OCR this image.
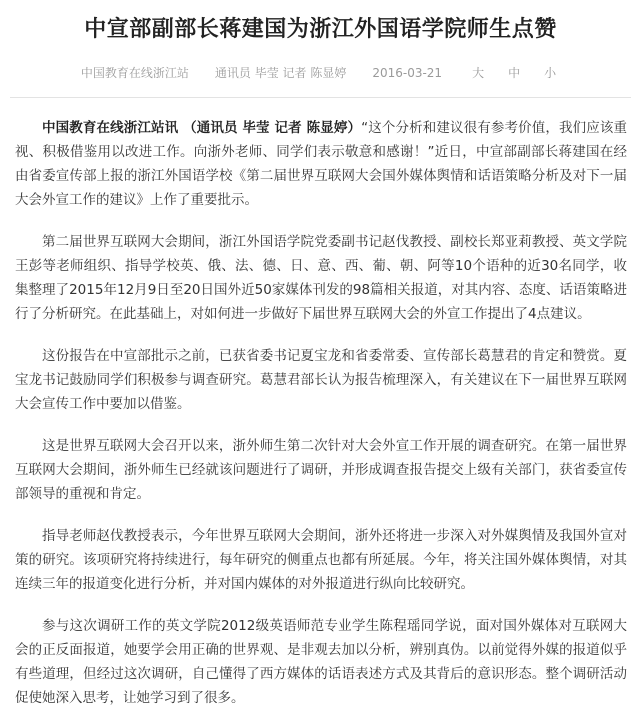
中宣部副部长蒋建国为浙江外国语学院师生点赞
中国教育在线浙江站 通讯员 毕莹 记者 陈显婷 2016-03-21	大 中 小

中国教育在线浙江站讯 （通讯员 毕莹 记者 陈显婷）“这个分析和建议很有参考价值，我们应该重视、积极借鉴用以改进工作。向浙外老师、同学们表示敬意和感谢！”近日，中宣部副部长蒋建国在经由省委宣传部上报的浙江外国语学校《第二届世界互联网大会国外媒体舆情和话语策略分析及对下一届大会外宣工作的建议》上作了重要批示。

第二届世界互联网大会期间，浙江外国语学院党委副书记赵伐教授、副校长郑亚莉教授、英文学院王彭等老师组织、指导学校英、俄、法、德、日、意、西、葡、朝、阿等10个语种的近30名同学，收集整理了2015年12月9日至20日国外近50家媒体刊发的98篇相关报道，对其内容、态度、话语策略进行了分析研究。在此基础上，对如何进一步做好下届世界互联网大会的外宣工作提出了4点建议。

这份报告在中宣部批示之前，已获省委书记夏宝龙和省委常委、宣传部长葛慧君的肯定和赞赏。夏宝龙书记鼓励同学们积极参与调查研究。葛慧君部长认为报告梳理深入，有关建议在下一届世界互联网大会宣传工作中要加以借鉴。

这是世界互联网大会召开以来，浙外师生第二次针对大会外宣工作开展的调查研究。在第一届世界互联网大会期间，浙外师生已经就该问题进行了调研，并形成调查报告提交上级有关部门，获省委宣传部领导的重视和肯定。

指导老师赵伐教授表示，今年世界互联网大会期间，浙外还将进一步深入对外媒舆情及我国外宣对策的研究。该项研究将持续进行，每年研究的侧重点也都有所延展。今年，将关注国外媒体舆情，对其连续三年的报道变化进行分析，并对国内媒体的对外报道进行纵向比较研究。

参与这次调研工作的英文学院2012级英语师范专业学生陈程瑶同学说，面对国外媒体对互联网大会的正反面报道，她要学会用正确的世界观、是非观去加以分析，辨别真伪。以前觉得外媒的报道似乎有些道理，但经过这次调研，自己懂得了西方媒体的话语表述方式及其背后的意识形态。整个调研活动促使她深入思考，让她学习到了很多。
